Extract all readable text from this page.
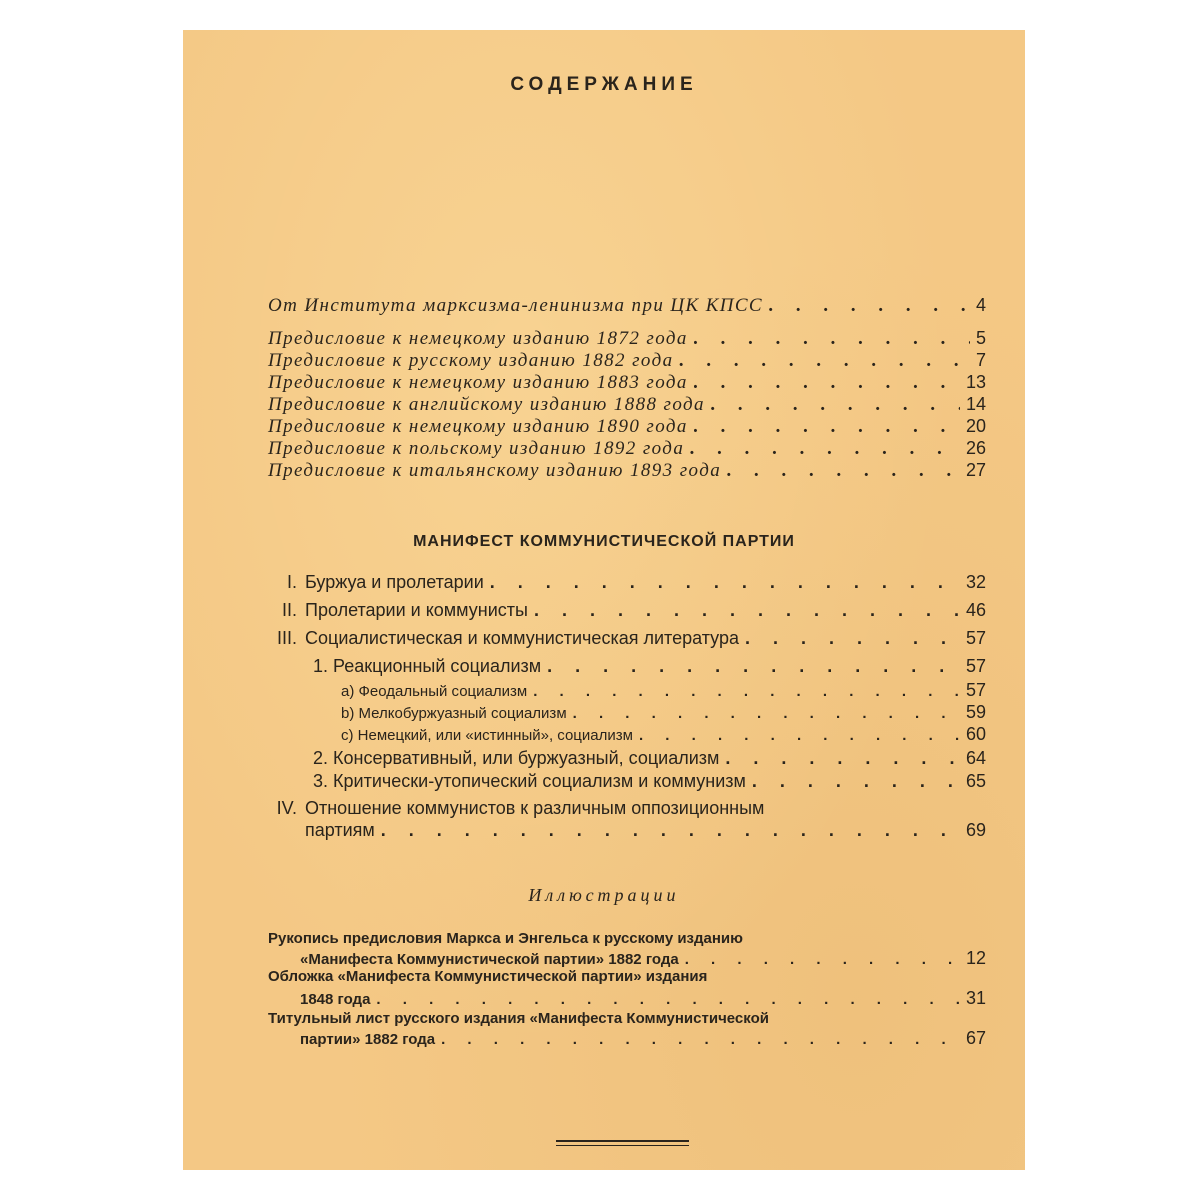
СОДЕРЖАНИЕ
От Института марксизма-ленинизма при ЦК КПСС . . .	4
Предисловие к немецкому изданию 1872 года . . .	5
Предисловие к русскому изданию 1882 года . . .	7
Предисловие к немецкому изданию 1883 года . . .	13
Предисловие к английскому изданию 1888 года . . .	14
Предисловие к немецкому изданию 1890 года . . .	20
Предисловие к польскому изданию 1892 года . . .	26
Предисловие к итальянскому изданию 1893 года . . .	27
МАНИФЕСТ КОММУНИСТИЧЕСКОЙ ПАРТИИ
I. Буржуа и пролетарии . . .	32
II. Пролетарии и коммунисты . . .	46
III. Социалистическая и коммунистическая литература . . .	57
1. Реакционный социализм . . .	57
a) Феодальный социализм . . .	57
b) Мелкобуржуазный социализм . . .	59
c) Немецкий, или «истинный», социализм . . .	60
2. Консервативный, или буржуазный, социализм . . .	64
3. Критически-утопический социализм и коммунизм . . .	65
IV. Отношение коммунистов к различным оппозиционным
партиям . . .	69
Иллюстрации
Рукопись предисловия Маркса и Энгельса к русскому изданию
«Манифеста Коммунистической партии» 1882 года . . .	12
Обложка «Манифеста Коммунистической партии» издания
1848 года . . .	31
Титульный лист русского издания «Манифеста Коммунистической
партии» 1882 года . . .	67
